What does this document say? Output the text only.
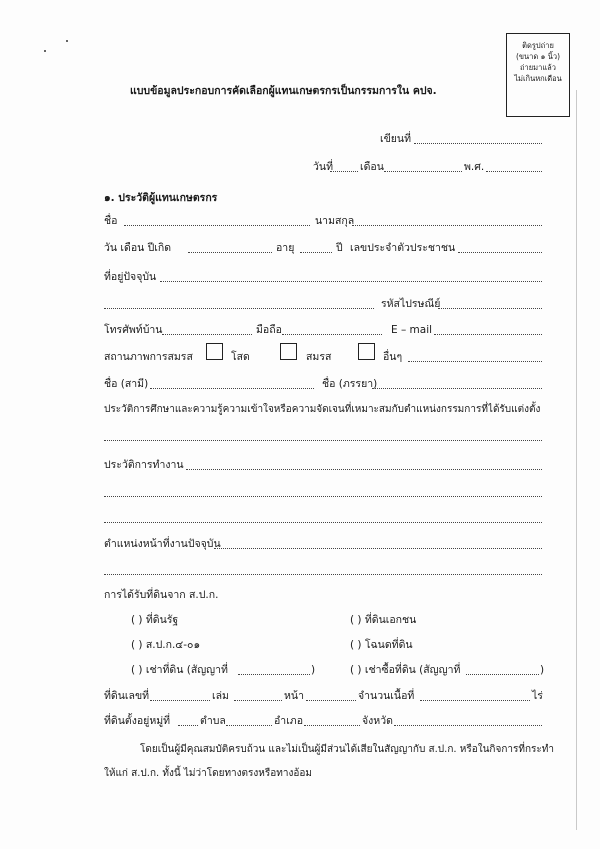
ติดรูปถ่าย
(ขนาด ๑ นิ้ว)
ถ่ายมาแล้ว
ไม่เกินหกเดือน
แบบข้อมูลประกอบการคัดเลือกผู้แทนเกษตรกรเป็นกรรมการใน คปจ.
เขียนที่
วันที่	เดือน	พ.ศ.
๑. ประวัติผู้แทนเกษตรกร
ชื่อ	นามสกุล
วัน เดือน ปีเกิด	อายุ	ปี เลขประจำตัวประชาชน
ที่อยู่ปัจจุบัน
รหัสไปรษณีย์
โทรศัพท์บ้าน	มือถือ	E – mail
สถานภาพการสมรส	โสด	สมรส	อื่นๆ
ชื่อ (สามี)	ชื่อ (ภรรยา)
ประวัติการศึกษาและความรู้ความเข้าใจหรือความจัดเจนที่เหมาะสมกับตำแหน่งกรรมการที่ได้รับแต่งตั้ง
ประวัติการทำงาน
ตำแหน่งหน้าที่งานปัจจุบัน
การได้รับที่ดินจาก ส.ป.ก.
( ) ที่ดินรัฐ	( ) ที่ดินเอกชน
( ) ส.ป.ก.๔-๐๑	( ) โฉนดที่ดิน
( ) เช่าที่ดิน (สัญญาที่	)	( ) เช่าซื้อที่ดิน (สัญญาที่	)
ที่ดินเลขที่	เล่ม	หน้า	จำนวนเนื้อที่	ไร่
ที่ดินตั้งอยู่หมู่ที่	ตำบล	อำเภอ	จังหวัด
โดยเป็นผู้มีคุณสมบัติครบถ้วน และไม่เป็นผู้มีส่วนได้เสียในสัญญากับ ส.ป.ก. หรือในกิจการที่กระทำ
ให้แก่ ส.ป.ก. ทั้งนี้ ไม่ว่าโดยทางตรงหรือทางอ้อม
